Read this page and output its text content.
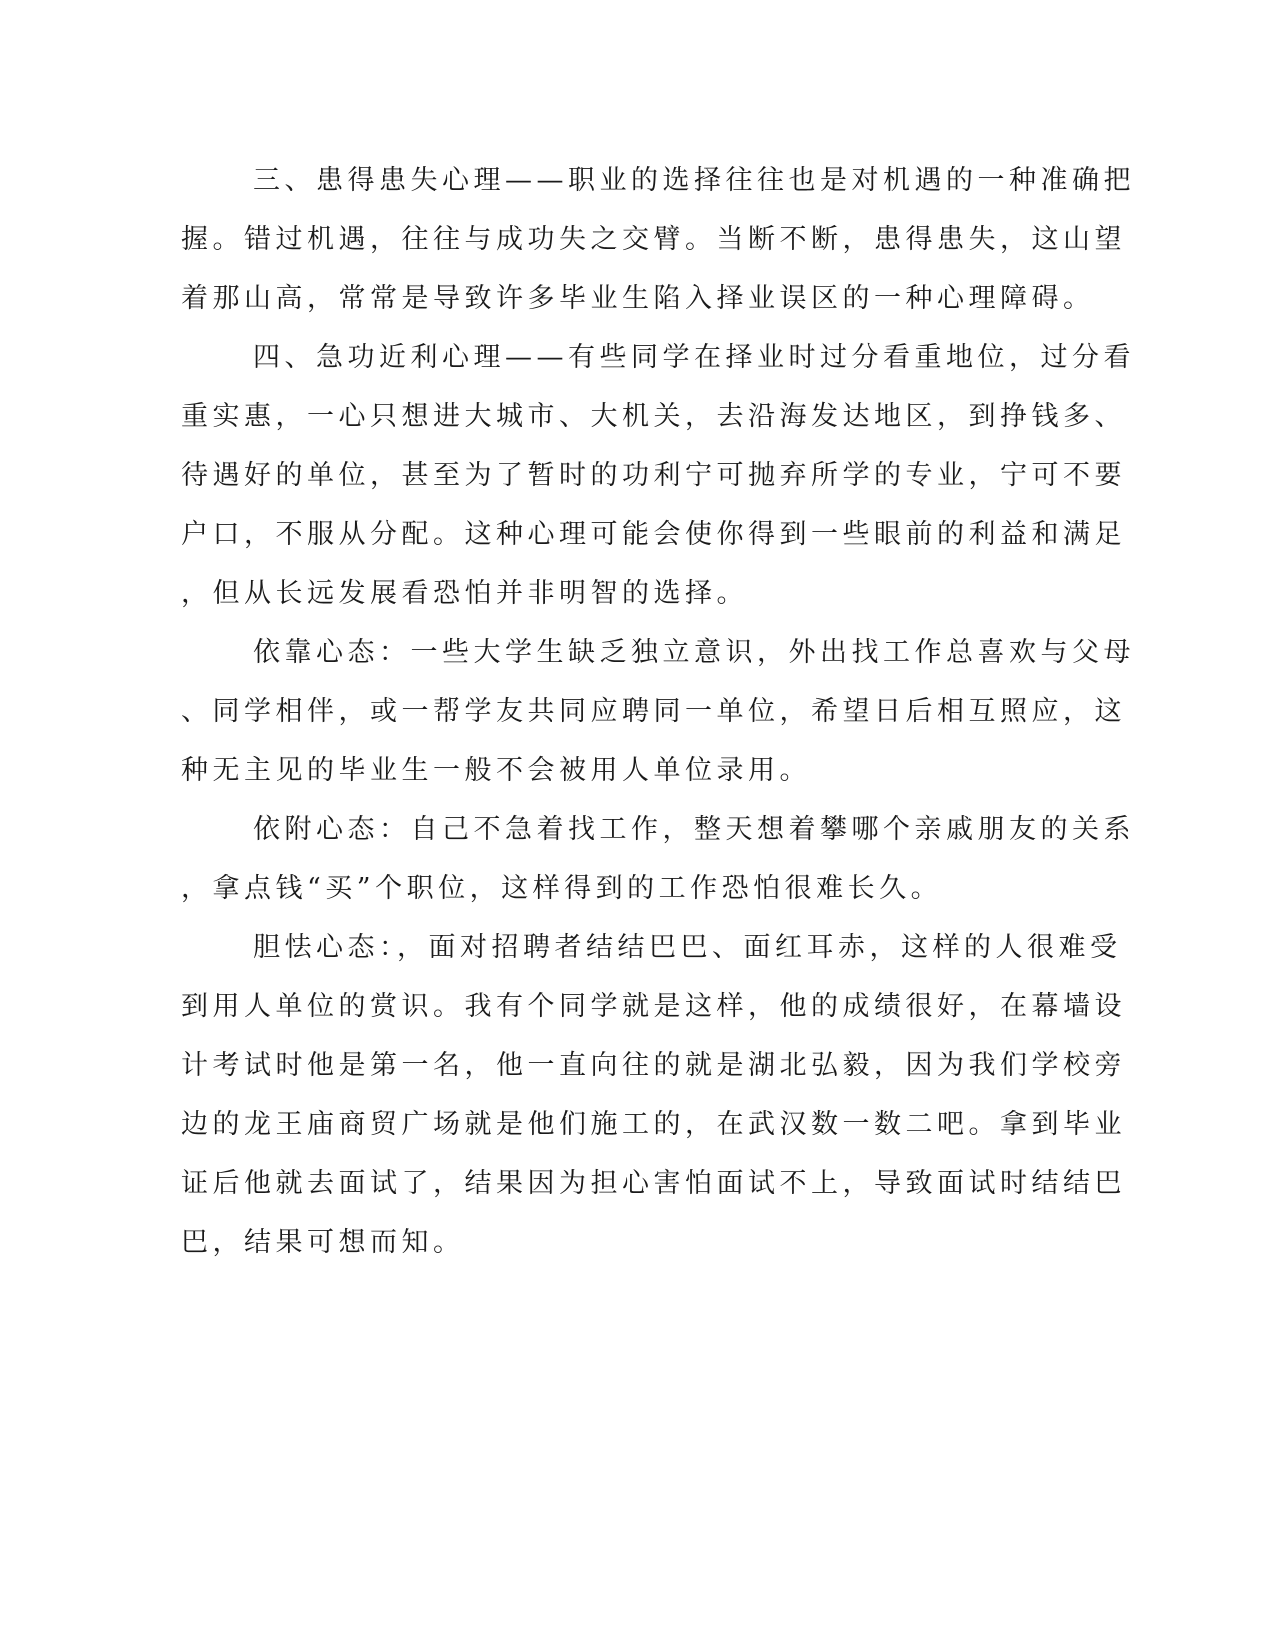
三、患得患失心理——职业的选择往往也是对机遇的一种准确把
握。错过机遇，往往与成功失之交臂。当断不断，患得患失，这山望
着那山高，常常是导致许多毕业生陷入择业误区的一种心理障碍。
四、急功近利心理——有些同学在择业时过分看重地位，过分看
重实惠，一心只想进大城市、大机关，去沿海发达地区，到挣钱多、
待遇好的单位，甚至为了暂时的功利宁可抛弃所学的专业，宁可不要
户口，不服从分配。这种心理可能会使你得到一些眼前的利益和满足
，但从长远发展看恐怕并非明智的选择。
依靠心态：一些大学生缺乏独立意识，外出找工作总喜欢与父母
、同学相伴，或一帮学友共同应聘同一单位，希望日后相互照应，这
种无主见的毕业生一般不会被用人单位录用。
依附心态：自己不急着找工作，整天想着攀哪个亲戚朋友的关系
，拿点钱“买”个职位，这样得到的工作恐怕很难长久。
胆怯心态：，面对招聘者结结巴巴、面红耳赤，这样的人很难受
到用人单位的赏识。我有个同学就是这样，他的成绩很好，在幕墙设
计考试时他是第一名，他一直向往的就是湖北弘毅，因为我们学校旁
边的龙王庙商贸广场就是他们施工的，在武汉数一数二吧。拿到毕业
证后他就去面试了，结果因为担心害怕面试不上，导致面试时结结巴
巴，结果可想而知。
